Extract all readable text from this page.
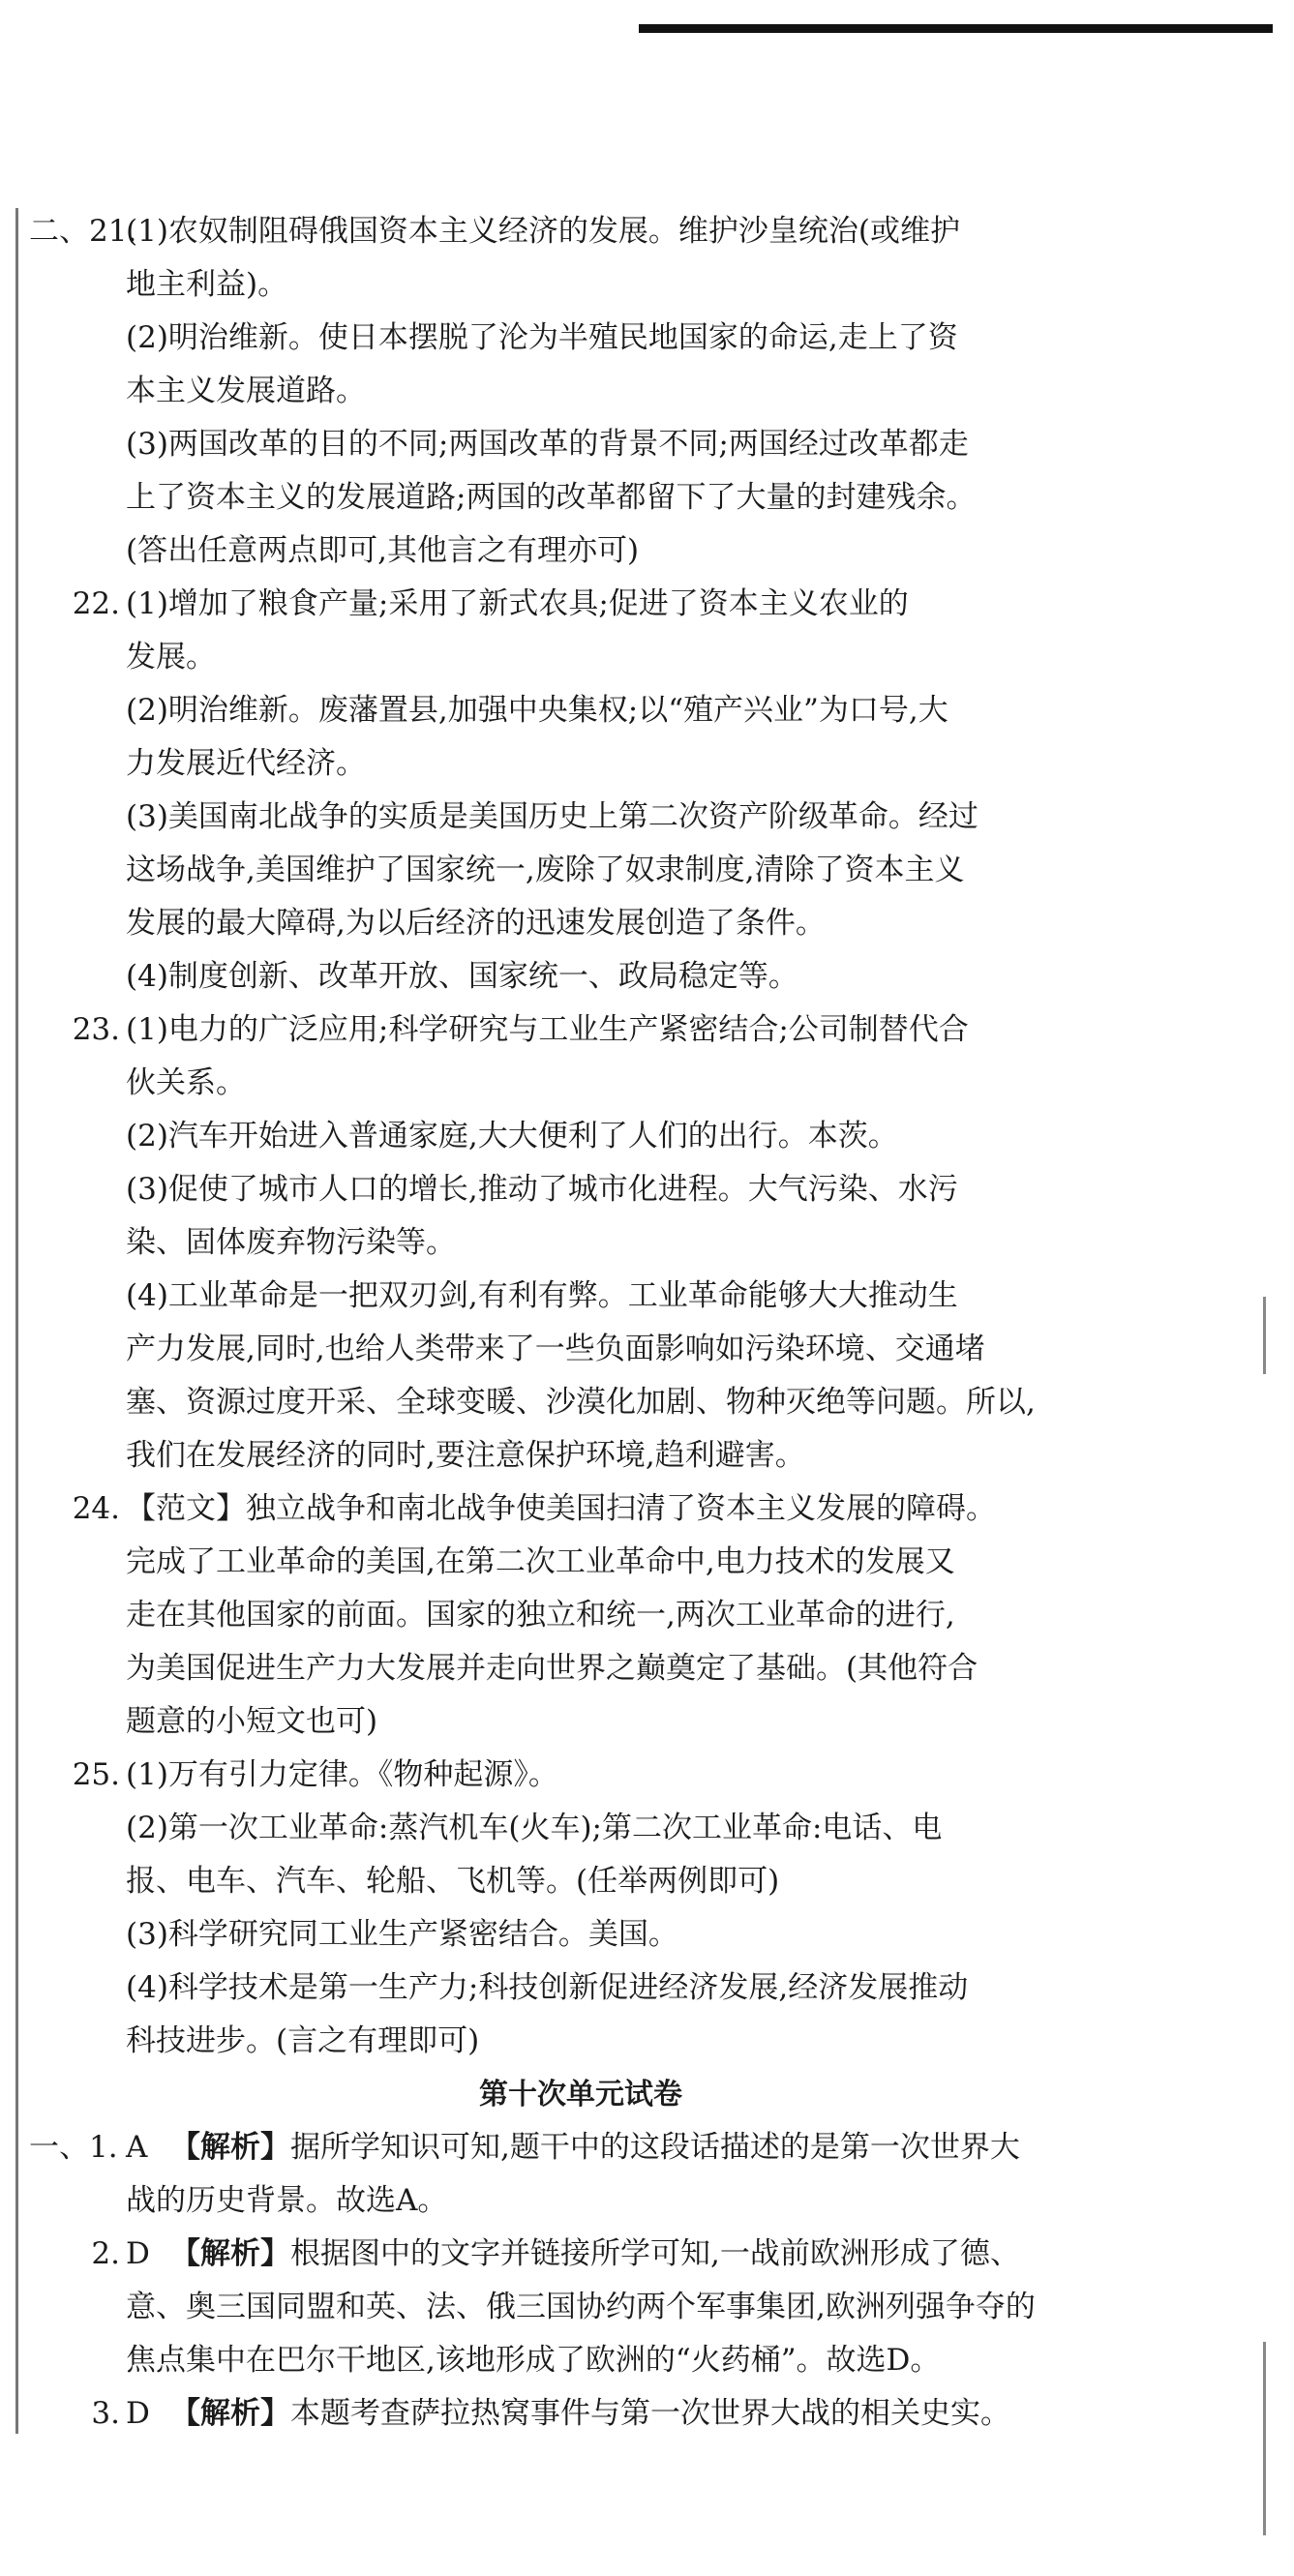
二、21.(1)农奴制阻碍俄国资本主义经济的发展。维护沙皇统治(或维护
地主利益)。
(2)明治维新。使日本摆脱了沦为半殖民地国家的命运,走上了资
本主义发展道路。
(3)两国改革的目的不同;两国改革的背景不同;两国经过改革都走
上了资本主义的发展道路;两国的改革都留下了大量的封建残余。
(答出任意两点即可,其他言之有理亦可)
22. (1)增加了粮食产量;采用了新式农具;促进了资本主义农业的
发展。
(2)明治维新。废藩置县,加强中央集权;以“殖产兴业”为口号,大
力发展近代经济。
(3)美国南北战争的实质是美国历史上第二次资产阶级革命。经过
这场战争,美国维护了国家统一,废除了奴隶制度,清除了资本主义
发展的最大障碍,为以后经济的迅速发展创造了条件。
(4)制度创新、改革开放、国家统一、政局稳定等。
23. (1)电力的广泛应用;科学研究与工业生产紧密结合;公司制替代合
伙关系。
(2)汽车开始进入普通家庭,大大便利了人们的出行。本茨。
(3)促使了城市人口的增长,推动了城市化进程。大气污染、水污
染、固体废弃物污染等。
(4)工业革命是一把双刃剑,有利有弊。工业革命能够大大推动生
产力发展,同时,也给人类带来了一些负面影响如污染环境、交通堵
塞、资源过度开采、全球变暖、沙漠化加剧、物种灭绝等问题。所以,
我们在发展经济的同时,要注意保护环境,趋利避害。
24. 【范文】独立战争和南北战争使美国扫清了资本主义发展的障碍。
完成了工业革命的美国,在第二次工业革命中,电力技术的发展又
走在其他国家的前面。国家的独立和统一,两次工业革命的进行,
为美国促进生产力大发展并走向世界之巅奠定了基础。(其他符合
题意的小短文也可)
25. (1)万有引力定律。《物种起源》。
(2)第一次工业革命:蒸汽机车(火车);第二次工业革命:电话、电
报、电车、汽车、轮船、飞机等。(任举两例即可)
(3)科学研究同工业生产紧密结合。美国。
(4)科学技术是第一生产力;科技创新促进经济发展,经济发展推动
科技进步。(言之有理即可)
第十次单元试卷
一、1. A 【解析】据所学知识可知,题干中的这段话描述的是第一次世界大
战的历史背景。故选A。
2. D 【解析】根据图中的文字并链接所学可知,一战前欧洲形成了德、
意、奥三国同盟和英、法、俄三国协约两个军事集团,欧洲列强争夺的
焦点集中在巴尔干地区,该地形成了欧洲的“火药桶”。故选D。
3. D 【解析】本题考查萨拉热窝事件与第一次世界大战的相关史实。
